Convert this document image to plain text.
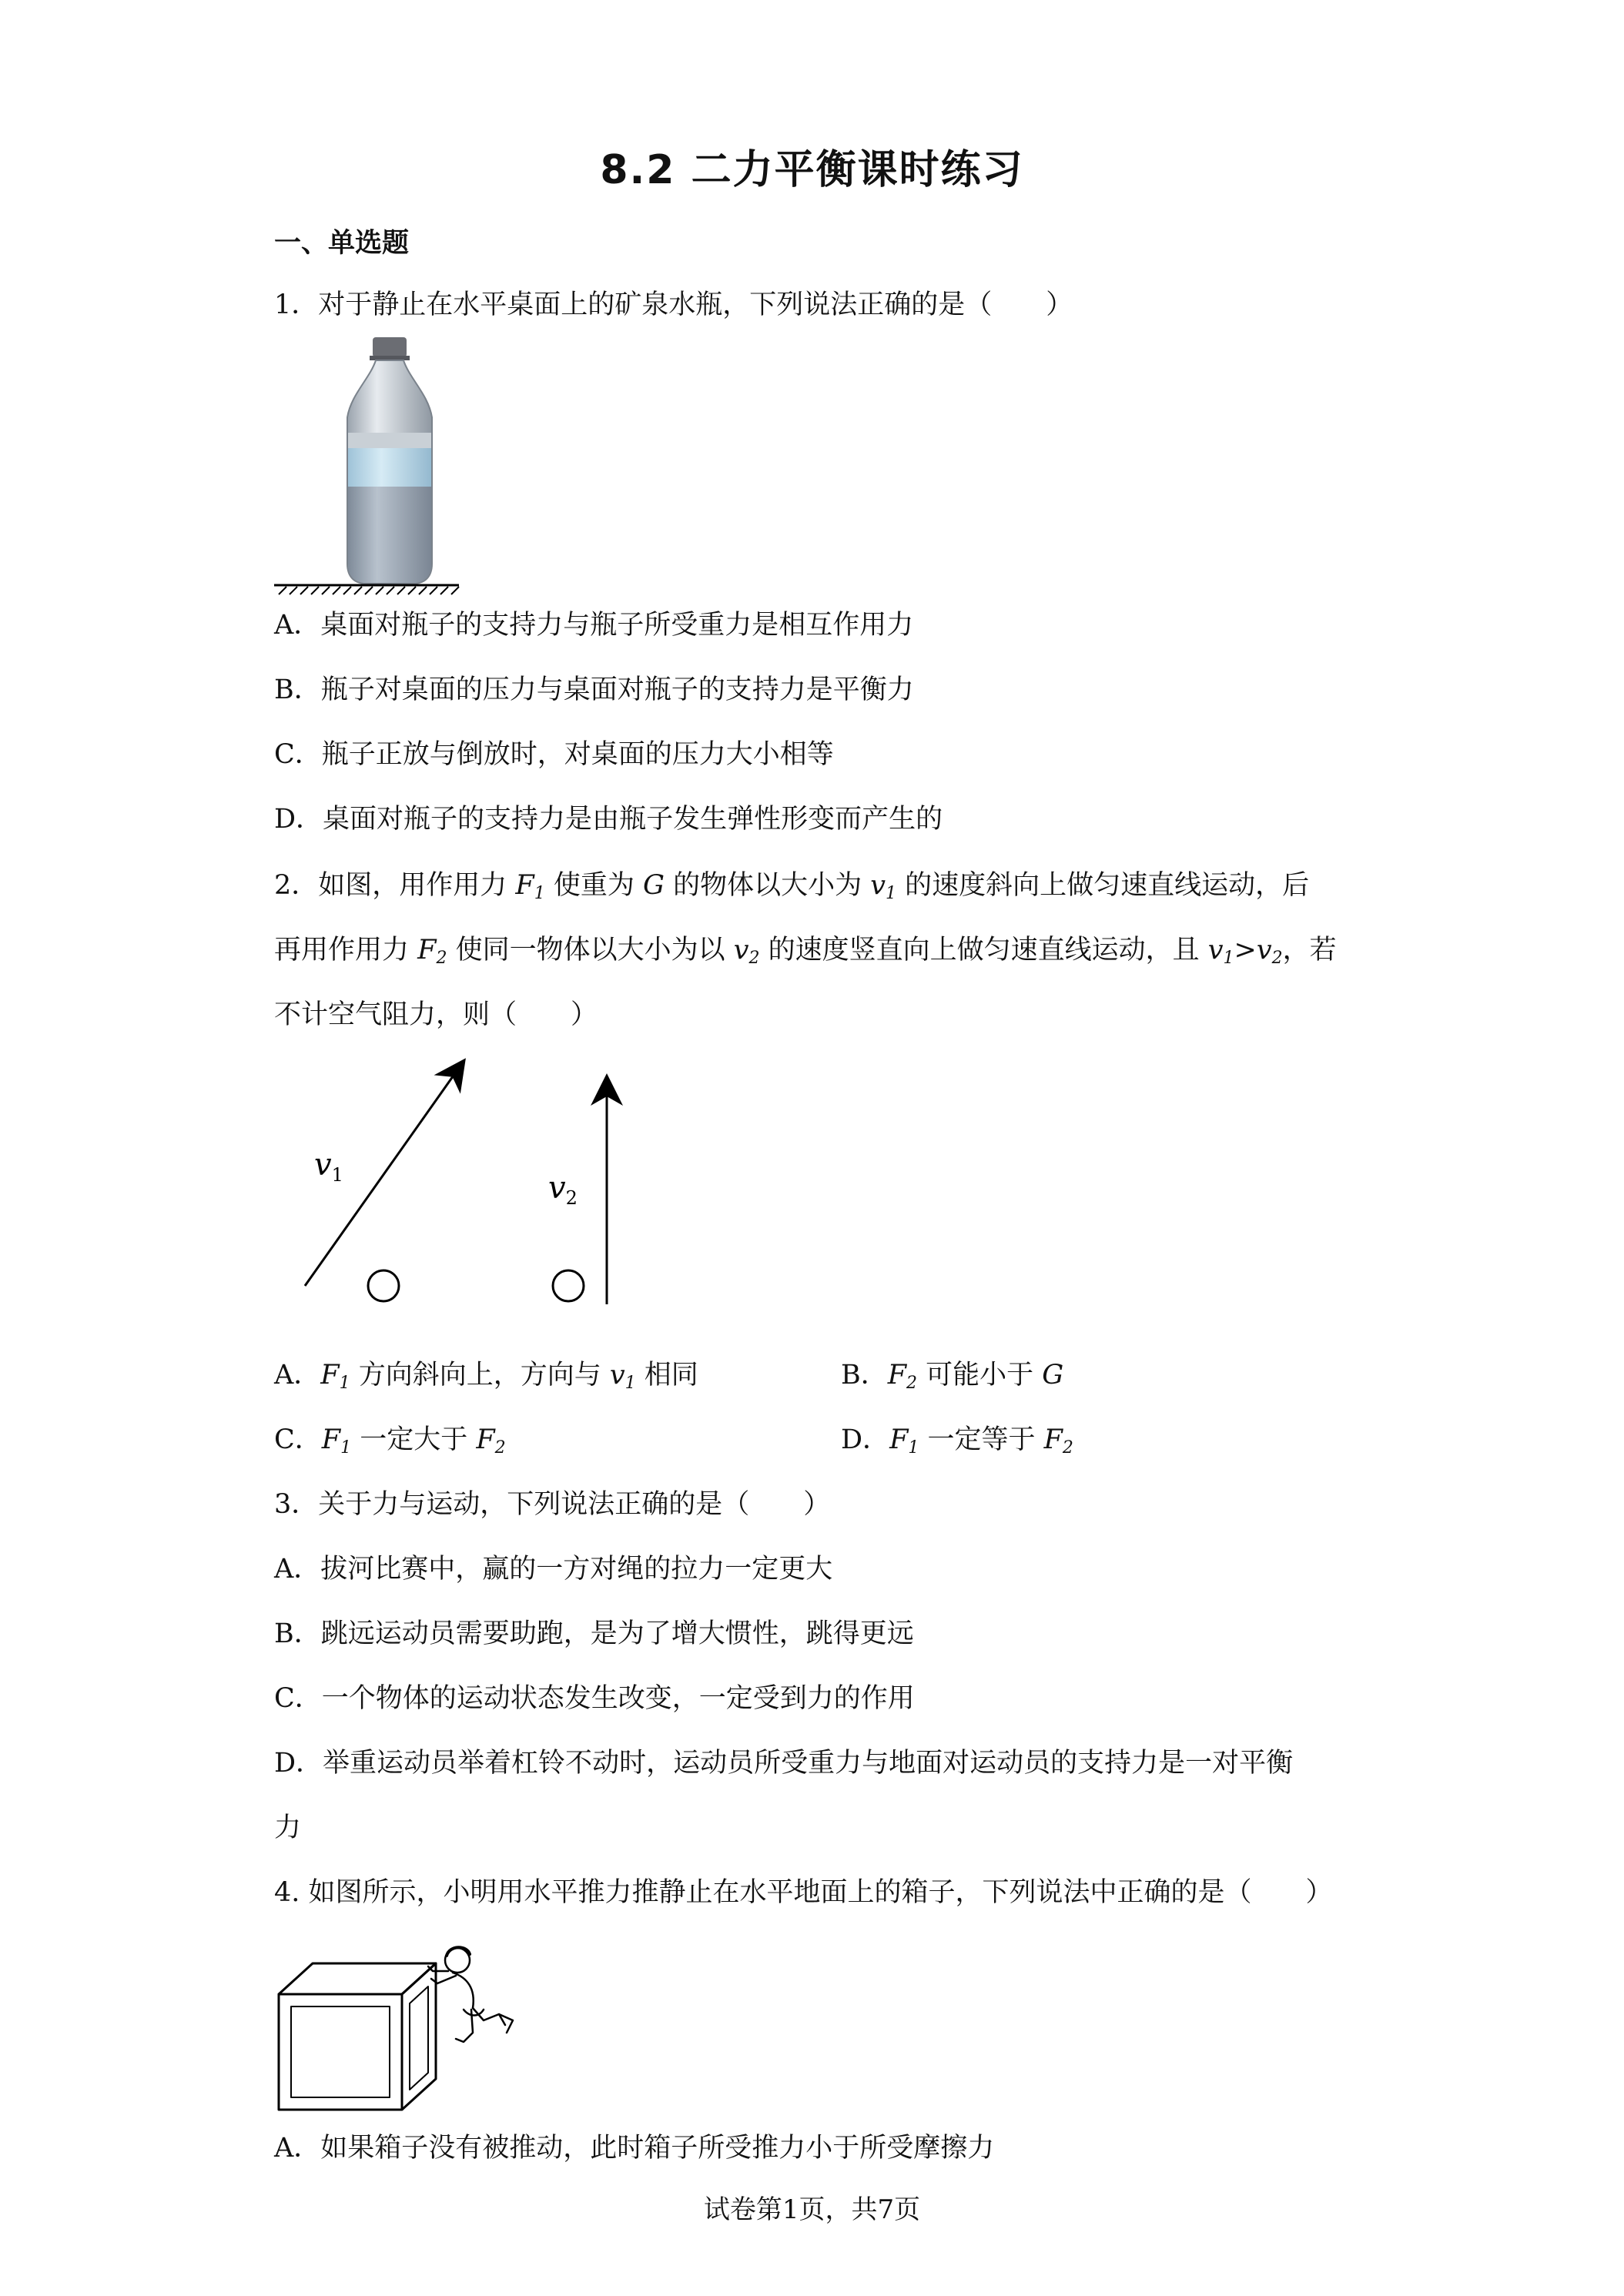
8.2 二力平衡课时练习
一、单选题
1．对于静止在水平桌面上的矿泉水瓶，下列说法正确的是（　　）
A．桌面对瓶子的支持力与瓶子所受重力是相互作用力
B．瓶子对桌面的压力与桌面对瓶子的支持力是平衡力
C．瓶子正放与倒放时，对桌面的压力大小相等
D．桌面对瓶子的支持力是由瓶子发生弹性形变而产生的
2．如图，用作用力 $F_1$ 使重为 G 的物体以大小为 $v_1$ 的速度斜向上做匀速直线运动，后
再用作用力 $F_2$ 使同一物体以大小为以 $v_2$ 的速度竖直向上做匀速直线运动，且 $v_1>v_2$，若
不计空气阻力，则（　　）
$v_1$	$v_2$
A．$F_1$ 方向斜向上，方向与 $v_1$ 相同	B．$F_2$ 可能小于 G
C．$F_1$ 一定大于 $F_2$	D．$F_1$ 一定等于 $F_2$
3．关于力与运动，下列说法正确的是（　　）
A．拔河比赛中，赢的一方对绳的拉力一定更大
B．跳远运动员需要助跑，是为了增大惯性，跳得更远
C．一个物体的运动状态发生改变，一定受到力的作用
D．举重运动员举着杠铃不动时，运动员所受重力与地面对运动员的支持力是一对平衡
力
4. 如图所示，小明用水平推力推静止在水平地面上的箱子，下列说法中正确的是（　　）
A．如果箱子没有被推动，此时箱子所受推力小于所受摩擦力
试卷第1页，共7页
